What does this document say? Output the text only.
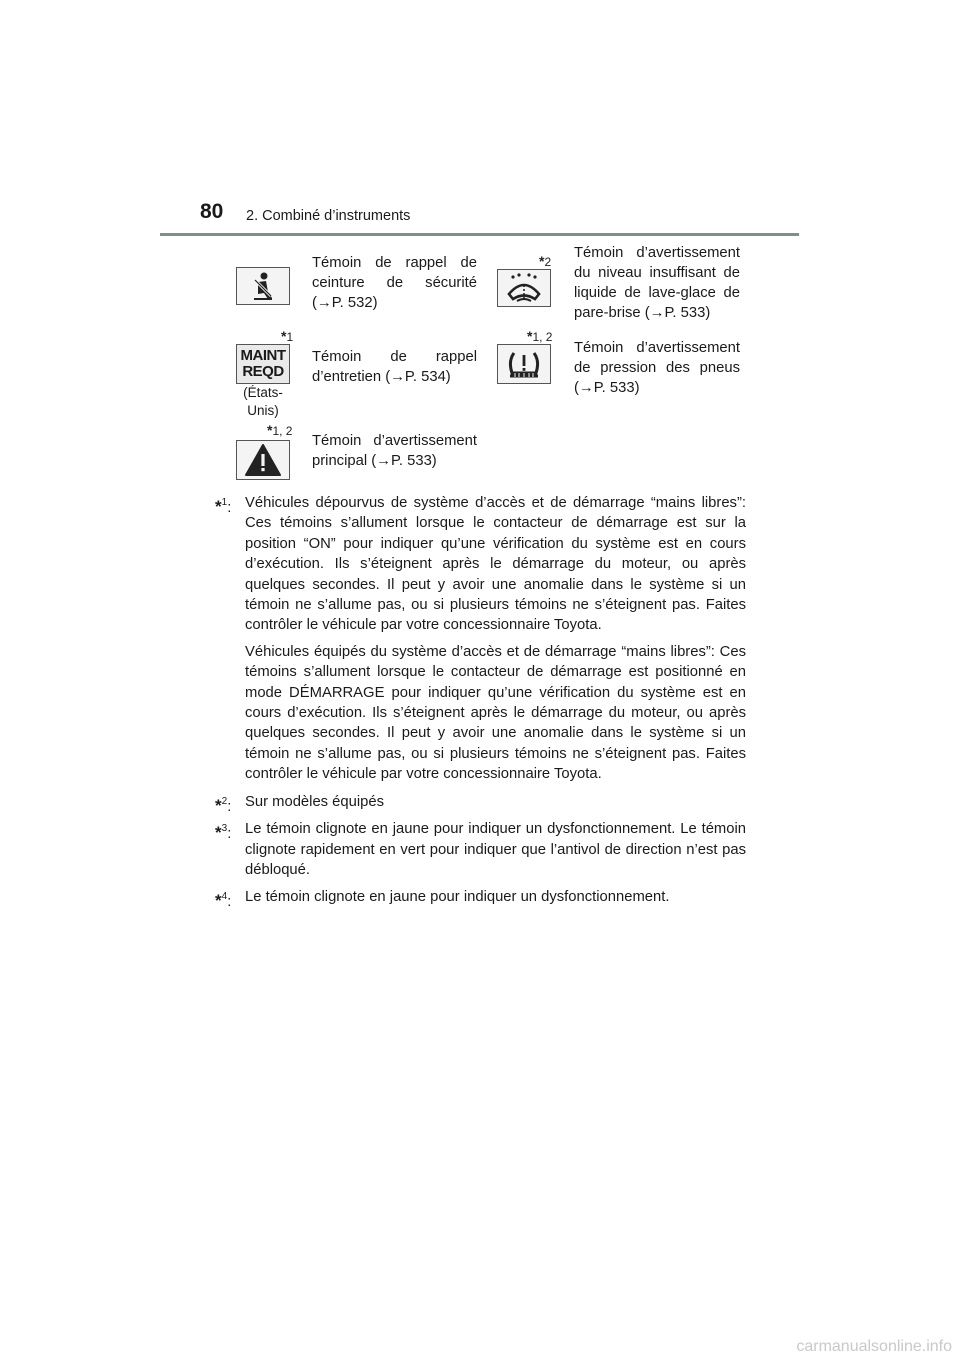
80 2. Combiné d’instruments
Témoin de rappel de ceinture de sécurité (→P. 532)
*2
Témoin d’avertissement du niveau insuffisant de liquide de lave-glace de pare-brise (→P. 533)
*1
MAINT
REQD
(États-Unis)
Témoin de rappel d’entretien (→P. 534)
*1, 2
Témoin d’avertissement de pression des pneus (→P. 533)
*1, 2
Témoin d’avertissement principal (→P. 533)
*$^1$: Véhicules dépourvus de système d’accès et de démarrage “mains libres”: Ces témoins s’allument lorsque le contacteur de démarrage est sur la position “ON” pour indiquer qu’une vérification du système est en cours d’exécution. Ils s’éteignent après le démarrage du moteur, ou après quelques secondes. Il peut y avoir une anomalie dans le système si un témoin ne s’allume pas, ou si plusieurs témoins ne s’éteignent pas. Faites contrôler le véhicule par votre concessionnaire Toyota.

Véhicules équipés du système d’accès et de démarrage “mains libres”: Ces témoins s’allument lorsque le contacteur de démarrage est positionné en mode DÉMARRAGE pour indiquer qu’une vérification du système est en cours d’exécution. Ils s’éteignent après le démarrage du moteur, ou après quelques secondes. Il peut y avoir une anomalie dans le système si un témoin ne s’allume pas, ou si plusieurs témoins ne s’éteignent pas. Faites contrôler le véhicule par votre concessionnaire Toyota.

*$^2$: Sur modèles équipés

*$^3$: Le témoin clignote en jaune pour indiquer un dysfonctionnement. Le témoin clignote rapidement en vert pour indiquer que l’antivol de direction n’est pas débloqué.

*$^4$: Le témoin clignote en jaune pour indiquer un dysfonctionnement.

carmanualsonline.info
